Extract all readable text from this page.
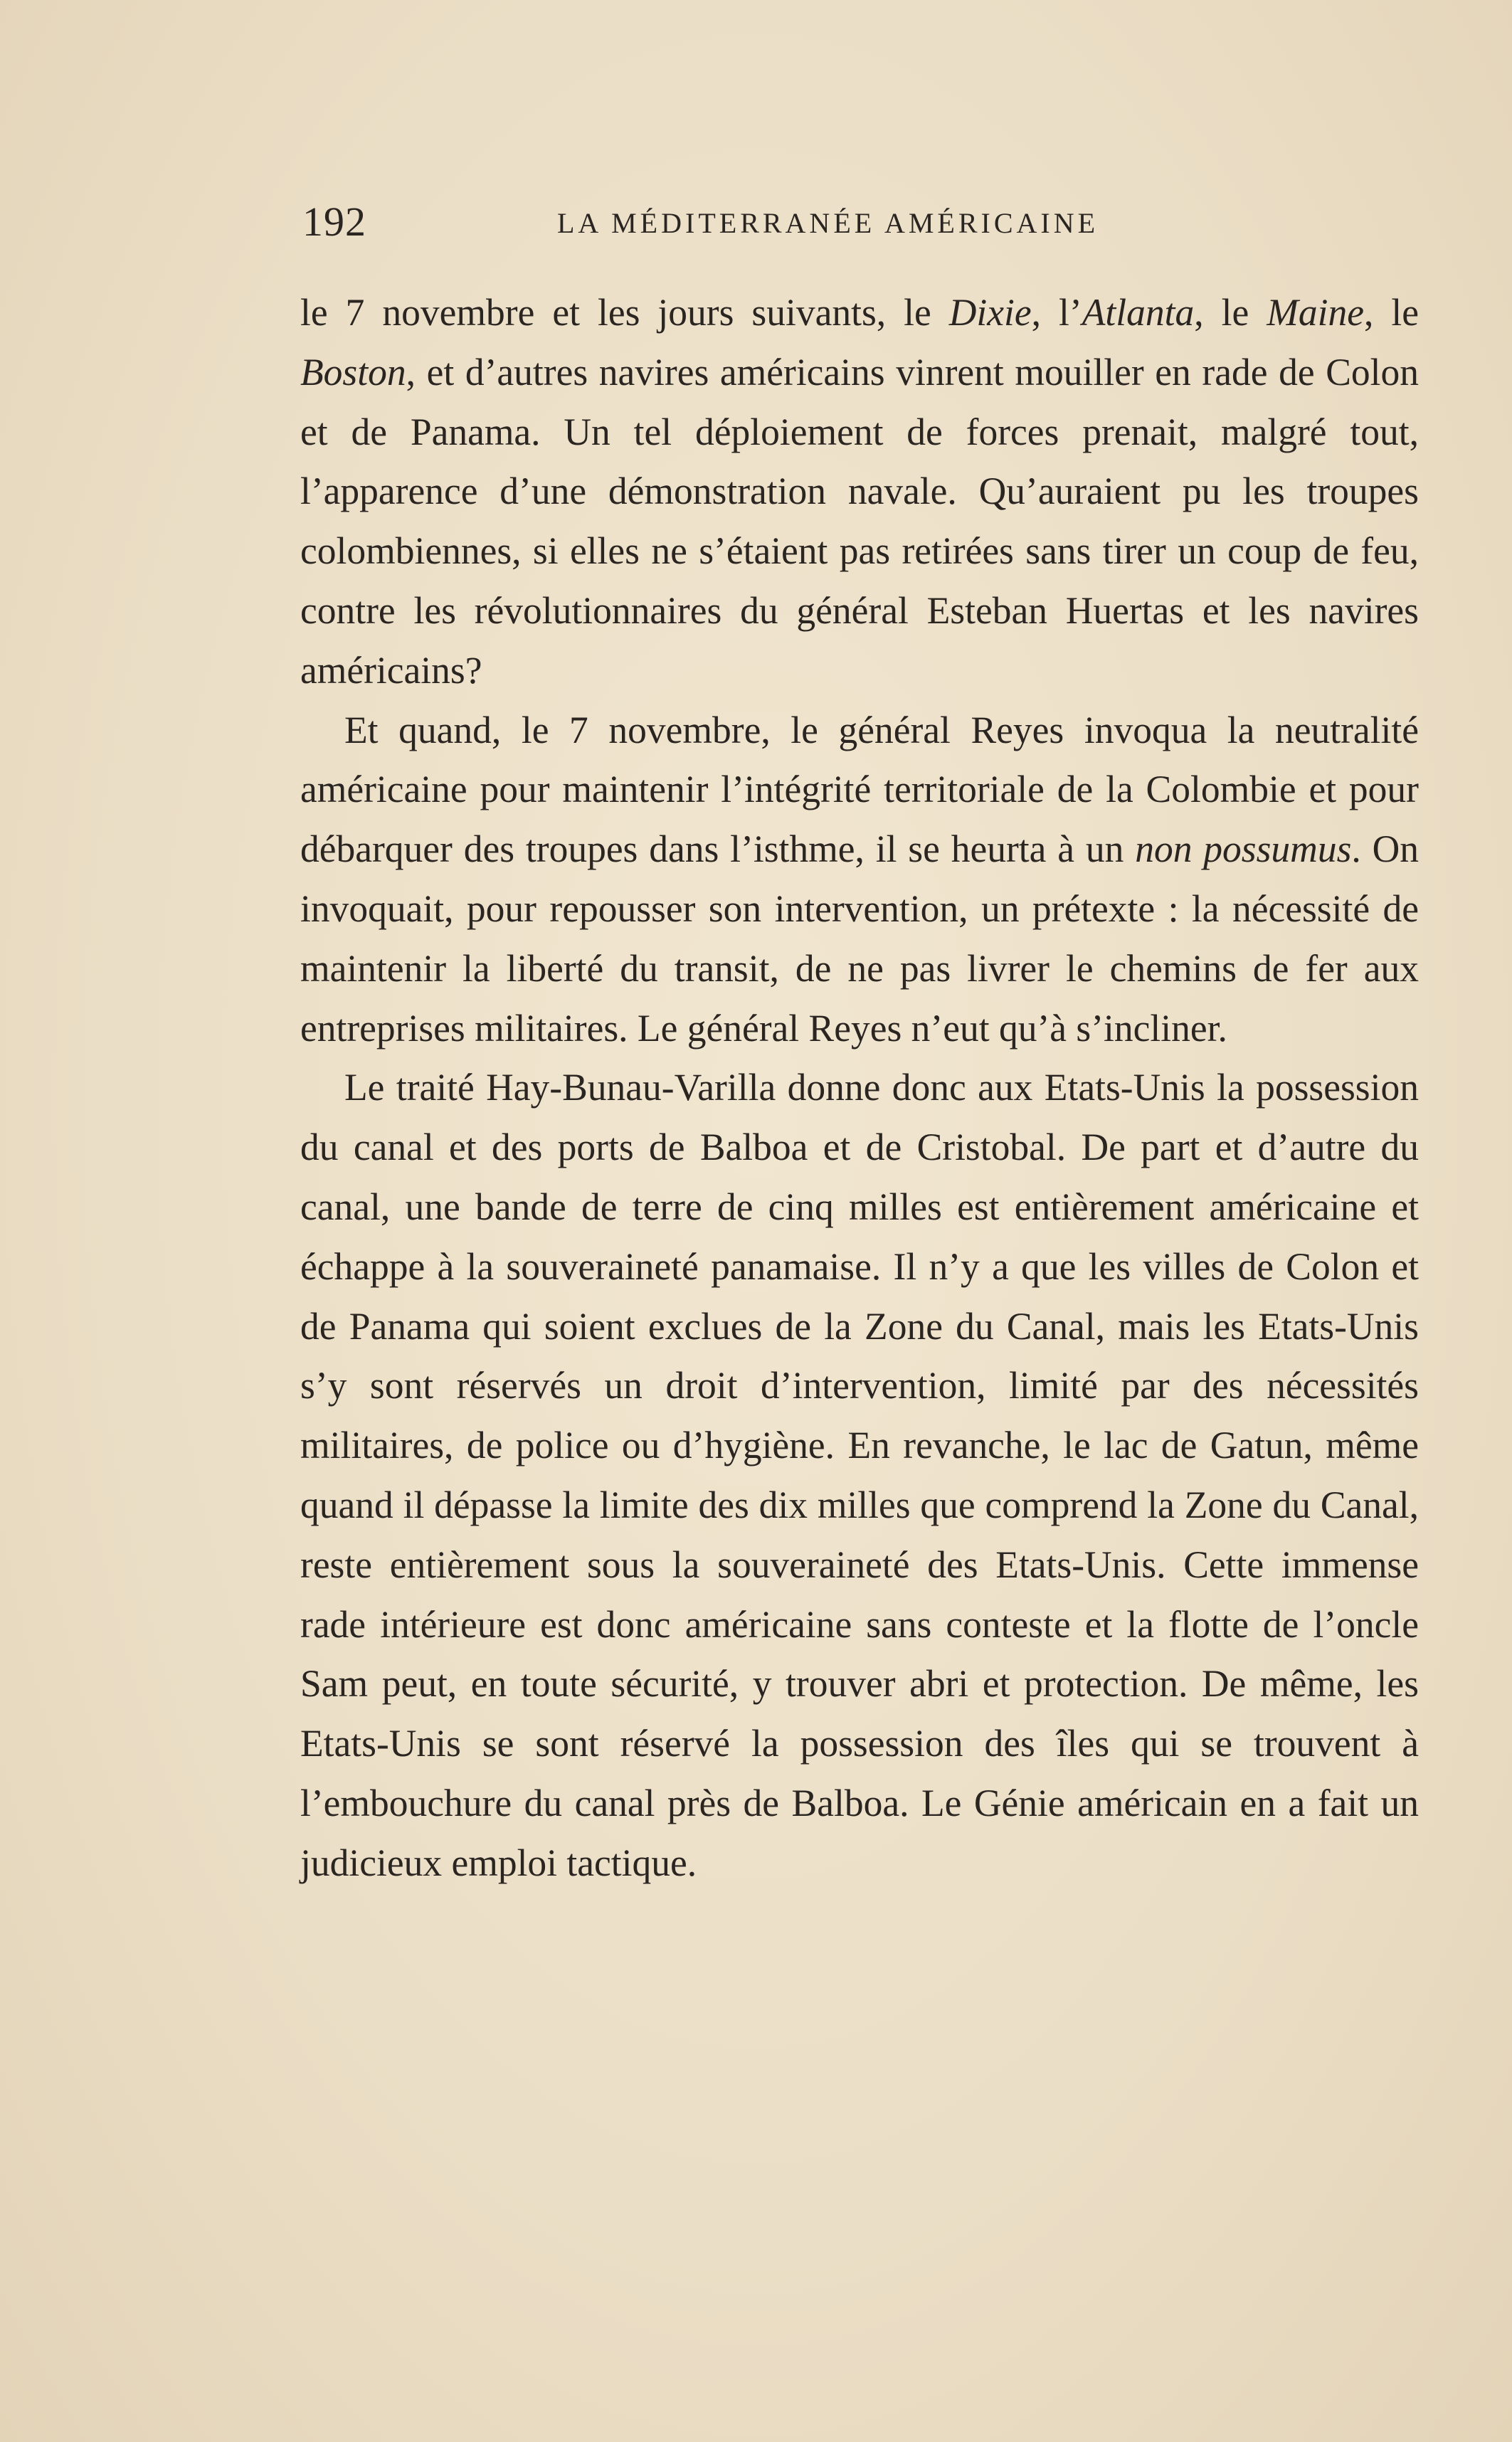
192	LA MÉDITERRANÉE AMÉRICAINE

le 7 novembre et les jours suivants, le Dixie, l’Atlanta, le Maine, le Boston, et d’autres navires américains vinrent mouiller en rade de Colon et de Panama. Un tel déploiement de forces prenait, malgré tout, l’apparence d’une démonstration navale. Qu’auraient pu les troupes colombiennes, si elles ne s’étaient pas retirées sans tirer un coup de feu, contre les révolutionnaires du général Esteban Huertas et les navires américains?

Et quand, le 7 novembre, le général Reyes invoqua la neutralité américaine pour maintenir l’intégrité territoriale de la Colombie et pour débarquer des troupes dans l’isthme, il se heurta à un non possumus. On invoquait, pour repousser son intervention, un prétexte : la nécessité de maintenir la liberté du transit, de ne pas livrer le chemins de fer aux entreprises militaires. Le général Reyes n’eut qu’à s’incliner.

Le traité Hay-Bunau-Varilla donne donc aux Etats-Unis la possession du canal et des ports de Balboa et de Cristobal. De part et d’autre du canal, une bande de terre de cinq milles est entièrement américaine et échappe à la souveraineté panamaise. Il n’y a que les villes de Colon et de Panama qui soient exclues de la Zone du Canal, mais les Etats-Unis s’y sont réservés un droit d’intervention, limité par des nécessités militaires, de police ou d’hygiène. En revanche, le lac de Gatun, même quand il dépasse la limite des dix milles que comprend la Zone du Canal, reste entièrement sous la souveraineté des Etats-Unis. Cette immense rade intérieure est donc américaine sans conteste et la flotte de l’oncle Sam peut, en toute sécurité, y trouver abri et protection. De même, les Etats-Unis se sont réservé la possession des îles qui se trouvent à l’embouchure du canal près de Balboa. Le Génie américain en a fait un judicieux emploi tactique.
